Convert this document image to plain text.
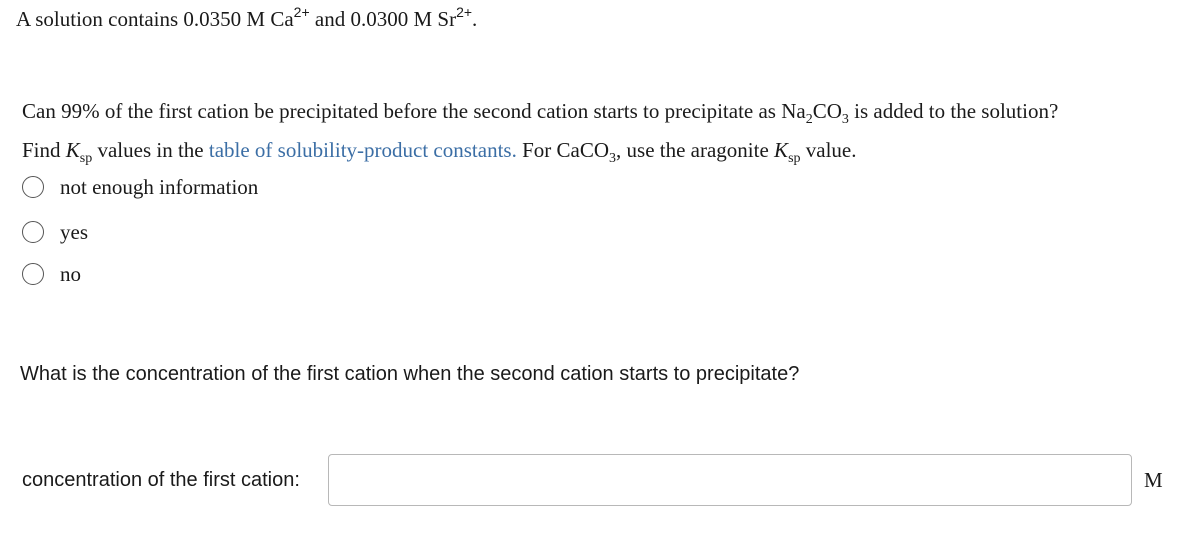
A solution contains 0.0350 M $Ca^{2+}$ and 0.0300 M $Sr^{2+}$.
Can 99% of the first cation be precipitated before the second cation starts to precipitate as $Na_2CO_3$ is added to the solution?
Find $K_{sp}$ values in the table of solubility-product constants. For CaCO$_3$, use the aragonite $K_{sp}$ value.
not enough information
yes
no
What is the concentration of the first cation when the second cation starts to precipitate?
concentration of the first cation:	M
